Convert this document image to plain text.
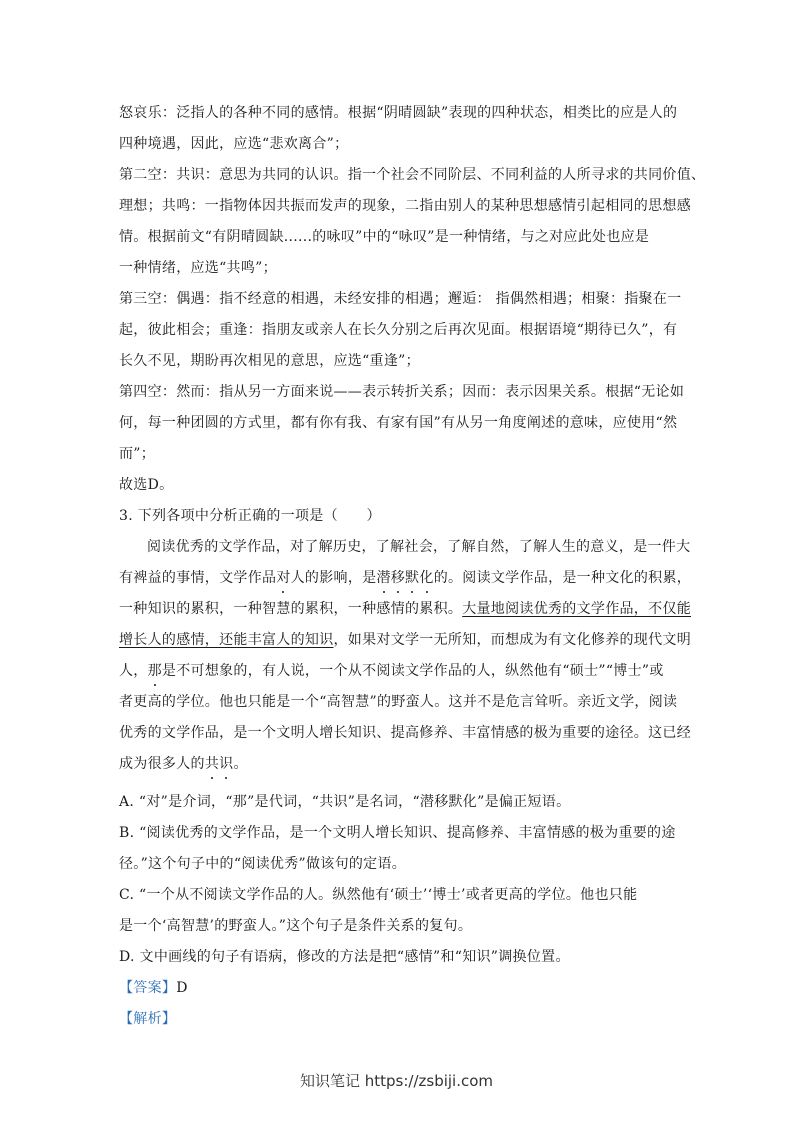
怒哀乐：泛指人的各种不同的感情。根据“阴晴圆缺”表现的四种状态，相类比的应是人的
四种境遇，因此，应选“悲欢离合”；
第二空：共识：意思为共同的认识。指一个社会不同阶层、不同利益的人所寻求的共同价值、
理想；共鸣：一指物体因共振而发声的现象，二指由别人的某种思想感情引起相同的思想感
情。根据前文“有阴晴圆缺......的咏叹”中的“咏叹”是一种情绪，与之对应此处也应是
一种情绪，应选“共鸣”；
第三空：偶遇：指不经意的相遇，未经安排的相遇；邂逅： 指偶然相遇；相聚：指聚在一
起，彼此相会；重逢：指朋友或亲人在长久分别之后再次见面。根据语境“期待已久”，有
长久不见，期盼再次相见的意思，应选“重逢”；
第四空：然而：指从另一方面来说——表示转折关系；因而：表示因果关系。根据“无论如
何，每一种团圆的方式里，都有你有我、有家有国”有从另一角度阐述的意味，应使用“然
而”；
故选D。
3. 下列各项中分析正确的一项是（　　）
阅读优秀的文学作品，对了解历史，了解社会，了解自然，了解人生的意义，是一件大
有裨益的事情，文学作品对人的影响，是潜移默化的。阅读文学作品，是一种文化的积累，
一种知识的累积，一种智慧的累积，一种感情的累积。大量地阅读优秀的文学作品，不仅能
增长人的感情，还能丰富人的知识，如果对文学一无所知，而想成为有文化修养的现代文明
人，那是不可想象的，有人说，一个从不阅读文学作品的人，纵然他有“硕士”“博士”或
者更高的学位。他也只能是一个“高智慧”的野蛮人。这并不是危言耸听。亲近文学，阅读
优秀的文学作品，是一个文明人增长知识、提高修养、丰富情感的极为重要的途径。这已经
成为很多人的共识。
A. “对”是介词，“那”是代词，“共识”是名词，“潜移默化”是偏正短语。
B. “阅读优秀的文学作品，是一个文明人增长知识、提高修养、丰富情感的极为重要的途
径。”这个句子中的“阅读优秀”做该句的定语。
C. “一个从不阅读文学作品的人。纵然他有‘硕士’‘博士’或者更高的学位。他也只能
是一个‘高智慧’的野蛮人。”这个句子是条件关系的复句。
D. 文中画线的句子有语病，修改的方法是把“感情”和“知识”调换位置。
【答案】D
【解析】
知识笔记 https://zsbiji.com
